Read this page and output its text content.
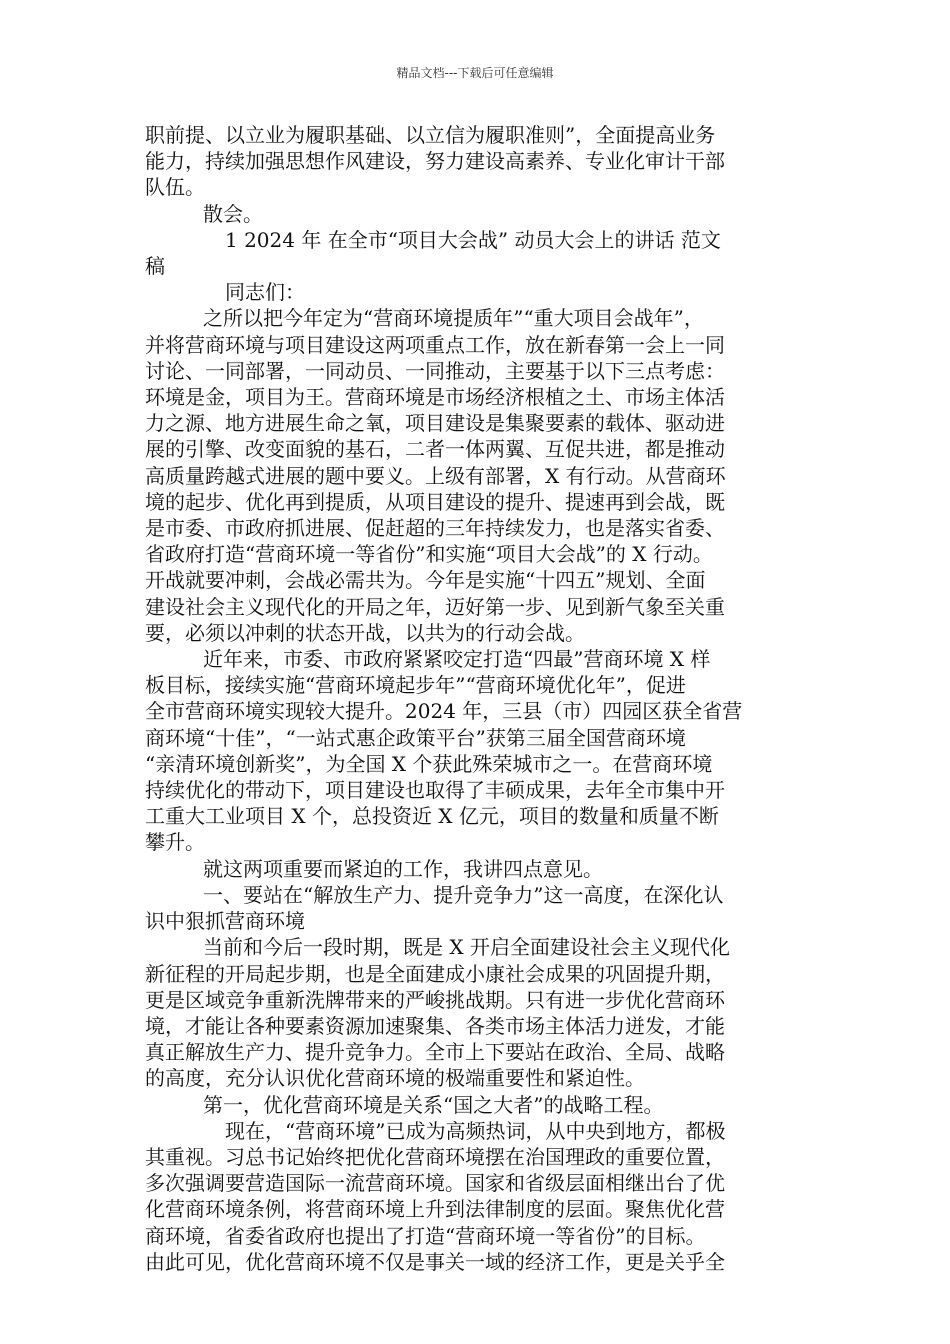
精品文档---下载后可任意编辑

职前提、以立业为履职基础、以立信为履职准则”，全面提高业务

能力，持续加强思想作风建设，努力建设高素养、专业化审计干部

队伍。

散会。

1 2024 年 在全市“项目大会战” 动员大会上的讲话 范文

稿

同志们：

之所以把今年定为“营商环境提质年”“重大项目会战年”，

并将营商环境与项目建设这两项重点工作，放在新春第一会上一同

讨论、一同部署，一同动员、一同推动，主要基于以下三点考虑：

环境是金，项目为王。营商环境是市场经济根植之土、市场主体活

力之源、地方进展生命之氧，项目建设是集聚要素的载体、驱动进

展的引擎、改变面貌的基石，二者一体两翼、互促共进，都是推动

高质量跨越式进展的题中要义。上级有部署，X 有行动。从营商环

境的起步、优化再到提质，从项目建设的提升、提速再到会战，既

是市委、市政府抓进展、促赶超的三年持续发力，也是落实省委、

省政府打造“营商环境一等省份”和实施“项目大会战”的 X 行动。

开战就要冲刺，会战必需共为。今年是实施“十四五”规划、全面

建设社会主义现代化的开局之年，迈好第一步、见到新气象至关重

要，必须以冲刺的状态开战，以共为的行动会战。

近年来，市委、市政府紧紧咬定打造“四最”营商环境 X 样

板目标，接续实施“营商环境起步年”“营商环境优化年”，促进

全市营商环境实现较大提升。2024 年，三县（市）四园区获全省营

商环境“十佳”，“一站式惠企政策平台”获第三届全国营商环境

“亲清环境创新奖”，为全国 X 个获此殊荣城市之一。在营商环境

持续优化的带动下，项目建设也取得了丰硕成果，去年全市集中开

工重大工业项目 X 个，总投资近 X 亿元，项目的数量和质量不断

攀升。

就这两项重要而紧迫的工作，我讲四点意见。

一、要站在“解放生产力、提升竞争力”这一高度，在深化认

识中狠抓营商环境

当前和今后一段时期，既是 X 开启全面建设社会主义现代化

新征程的开局起步期，也是全面建成小康社会成果的巩固提升期，

更是区域竞争重新洗牌带来的严峻挑战期。只有进一步优化营商环

境，才能让各种要素资源加速聚集、各类市场主体活力迸发，才能

真正解放生产力、提升竞争力。全市上下要站在政治、全局、战略

的高度，充分认识优化营商环境的极端重要性和紧迫性。

第一，优化营商环境是关系“国之大者”的战略工程。

现在，“营商环境”已成为高频热词，从中央到地方，都极

其重视。习总书记始终把优化营商环境摆在治国理政的重要位置，

多次强调要营造国际一流营商环境。国家和省级层面相继出台了优

化营商环境条例，将营商环境上升到法律制度的层面。聚焦优化营

商环境，省委省政府也提出了打造“营商环境一等省份”的目标。

由此可见，优化营商环境不仅是事关一域的经济工作，更是关乎全
